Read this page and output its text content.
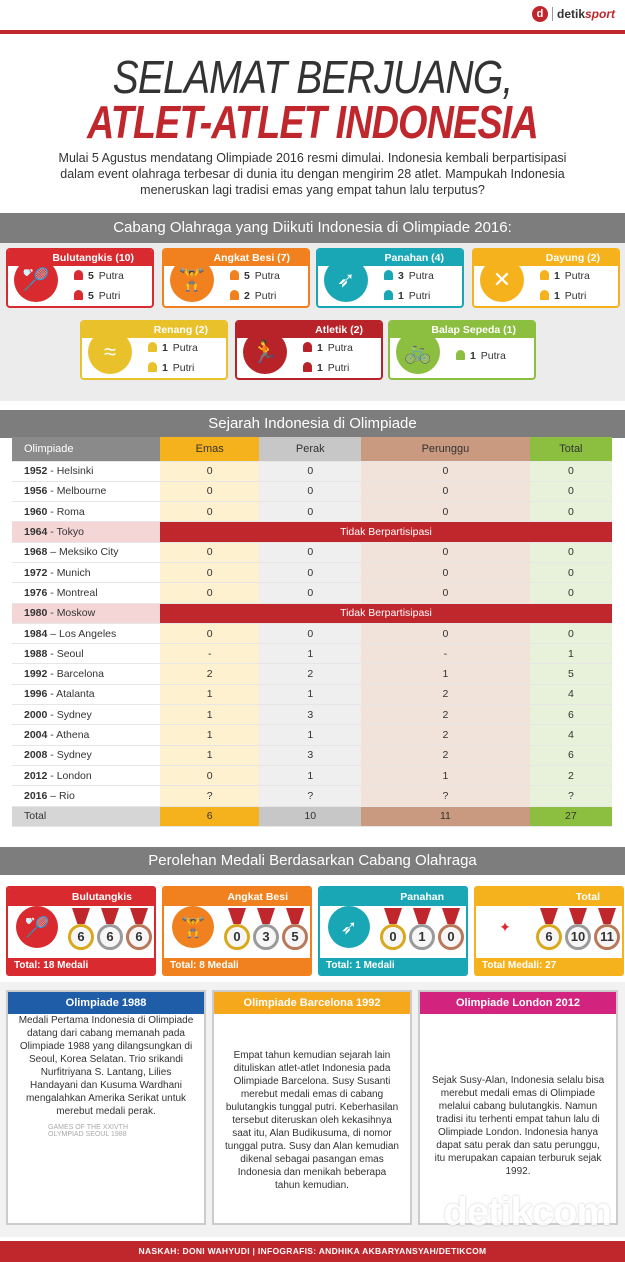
d	detiksport
SELAMAT BERJUANG,
ATLET-ATLET INDONESIA
Mulai 5 Agustus mendatang Olimpiade 2016 resmi dimulai. Indonesia kembali berpartisipasi dalam event olahraga terbesar di dunia itu dengan mengirim 28 atlet. Mampukah Indonesia meneruskan lagi tradisi emas yang empat tahun lalu terputus?
Cabang Olahraga yang Diikuti Indonesia di Olimpiade 2016:
Bulutangkis (10)
🏸	5 Putra
5 Putri
Angkat Besi (7)
🏋	5 Putra
2 Putri
Panahan (4)
➶	3 Putra
1 Putri
Dayung (2)
✕	1 Putra
1 Putri
Renang (2)
≈	1 Putra
1 Putri
Atletik (2)
🏃	1 Putra
1 Putri
Balap Sepeda (1)
🚲	1 Putra
Sejarah Indonesia di Olimpiade
Olimpiade	Emas	Perak	Perunggu	Total
1952 - Helsinki	0	0	0	0
1956 - Melbourne	0	0	0	0
1960 - Roma	0	0	0	0
1964 - Tokyo	Tidak Berpartisipasi			
1968 – Meksiko City	0	0	0	0
1972 - Munich	0	0	0	0
1976 - Montreal	0	0	0	0
1980 - Moskow	Tidak Berpartisipasi			
1984 – Los Angeles	0	0	0	0
1988 - Seoul	-	1	-	1
1992 - Barcelona	2	2	1	5
1996 - Atalanta	1	1	2	4
2000 - Sydney	1	3	2	6
2004 - Athena	1	1	2	4
2008 - Sydney	1	3	2	6
2012 - London	0	1	1	2
2016 – Rio	?	?	?	?
Total	6	10	11	27
Perolehan Medali Berdasarkan Cabang Olahraga
Bulutangkis
🏸	6	6	6
Total: 18 Medali
Angkat Besi
🏋	0	3	5
Total: 8 Medali
Panahan
➶	0	1	0
Total: 1 Medali
Total
✦
6	10	11
Total Medali: 27
Olimpiade 1988
Medali Pertama Indonesia di Olimpiade datang dari cabang memanah pada Olimpiade 1988 yang dilangsungkan di Seoul, Korea Selatan. Trio srikandi Nurfitriyana S. Lantang, Lilies Handayani dan Kusuma Wardhani mengalahkan Amerika Serikat untuk merebut medali perak.
GAMES OF THE XXIVTH OLYMPIAD SEOUL 1988
Olimpiade Barcelona 1992
Empat tahun kemudian sejarah lain dituliskan atlet-atlet Indonesia pada Olimpiade Barcelona. Susy Susanti merebut medali emas di cabang bulutangkis tunggal putri. Keberhasilan tersebut diteruskan oleh kekasihnya saat itu, Alan Budikusuma, di nomor tunggal putra. Susy dan Alan kemudian dikenal sebagai pasangan emas Indonesia dan menikah beberapa tahun kemudian.
Olimpiade London 2012
Sejak Susy-Alan, Indonesia selalu bisa merebut medali emas di Olimpiade melalui cabang bulutangkis. Namun tradisi itu terhenti empat tahun lalu di Olimpiade London. Indonesia hanya dapat satu perak dan satu perunggu, itu merupakan capaian terburuk sejak 1992.
detikcom
NASKAH: DONI WAHYUDI | INFOGRAFIS: ANDHIKA AKBARYANSYAH/DETIKCOM
